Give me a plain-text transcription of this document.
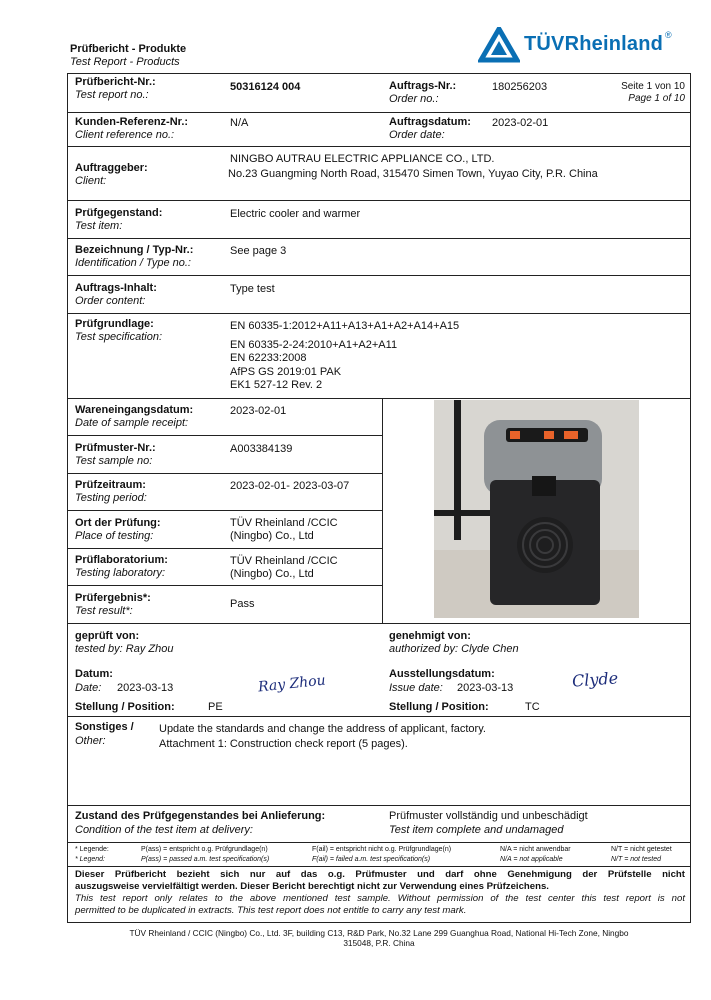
Prüfbericht - Produkte
Test Report - Products
TÜVRheinland ®
Prüfbericht-Nr.:
Test report no.:
50316124 004	Auftrags-Nr.:
Order no.:
180256203	Seite 1 von 10
Page 1 of 10
Kunden-Referenz-Nr.:
Client reference no.:
N/A	Auftragsdatum:
Order date:
2023-02-01
Auftraggeber:
Client:
NINGBO AUTRAU ELECTRIC APPLIANCE CO., LTD.
No.23 Guangming North Road, 315470 Simen Town, Yuyao City, P.R. China
Prüfgegenstand:
Test item:
Electric cooler and warmer
Bezeichnung / Typ-Nr.:
Identification / Type no.:
See page 3
Auftrags-Inhalt:
Order content:
Type test
Prüfgrundlage:
Test specification:
EN 60335-1:2012+A11+A13+A1+A2+A14+A15
EN 60335-2-24:2010+A1+A2+A11
EN 62233:2008
AfPS GS 2019:01 PAK
EK1 527-12 Rev. 2
Wareneingangsdatum:
Date of sample receipt:
2023-02-01
Prüfmuster-Nr.:
Test sample no:
A003384139
Prüfzeitraum:
Testing period:
2023-02-01- 2023-03-07
Ort der Prüfung:
Place of testing:
TÜV Rheinland /CCIC
(Ningbo) Co., Ltd
Prüflaboratorium:
Testing laboratory:
TÜV Rheinland /CCIC
(Ningbo) Co., Ltd
Prüfergebnis*:
Test result*:
Pass
geprüft von:
tested by: Ray Zhou
genehmigt von:
authorized by: Clyde Chen
Datum:
Date: 2023-03-13	Ray Zhou	Ausstellungsdatum:
Issue date: 2023-03-13	Clyde
Stellung / Position:	PE	Stellung / Position:	TC
Sonstiges /
Other:
Update the standards and change the address of applicant, factory.
Attachment 1: Construction check report (5 pages).
Zustand des Prüfgegenstandes bei Anlieferung:
Condition of the test item at delivery:
Prüfmuster vollständig und unbeschädigt
Test item complete and undamaged
* Legende:	P(ass) = entspricht o.g. Prüfgrundlage(n)	F(ail) = entspricht nicht o.g. Prüfgrundlage(n)	N/A = nicht anwendbar	N/T = nicht getestet
* Legend:	P(ass) = passed a.m. test specification(s)	F(ail) = failed a.m. test specification(s)	N/A = not applicable	N/T = not tested
Dieser Prüfbericht bezieht sich nur auf das o.g. Prüfmuster und darf ohne Genehmigung der Prüfstelle nicht
auszugsweise vervielfältigt werden. Dieser Bericht berechtigt nicht zur Verwendung eines Prüfzeichens.
This test report only relates to the above mentioned test sample. Without permission of the test center this test report is not
permitted to be duplicated in extracts. This test report does not entitle to carry any test mark.
TÜV Rheinland / CCIC (Ningbo) Co., Ltd. 3F, building C13, R&D Park, No.32 Lane 299 Guanghua Road, National Hi-Tech Zone, Ningbo
315048, P.R. China
